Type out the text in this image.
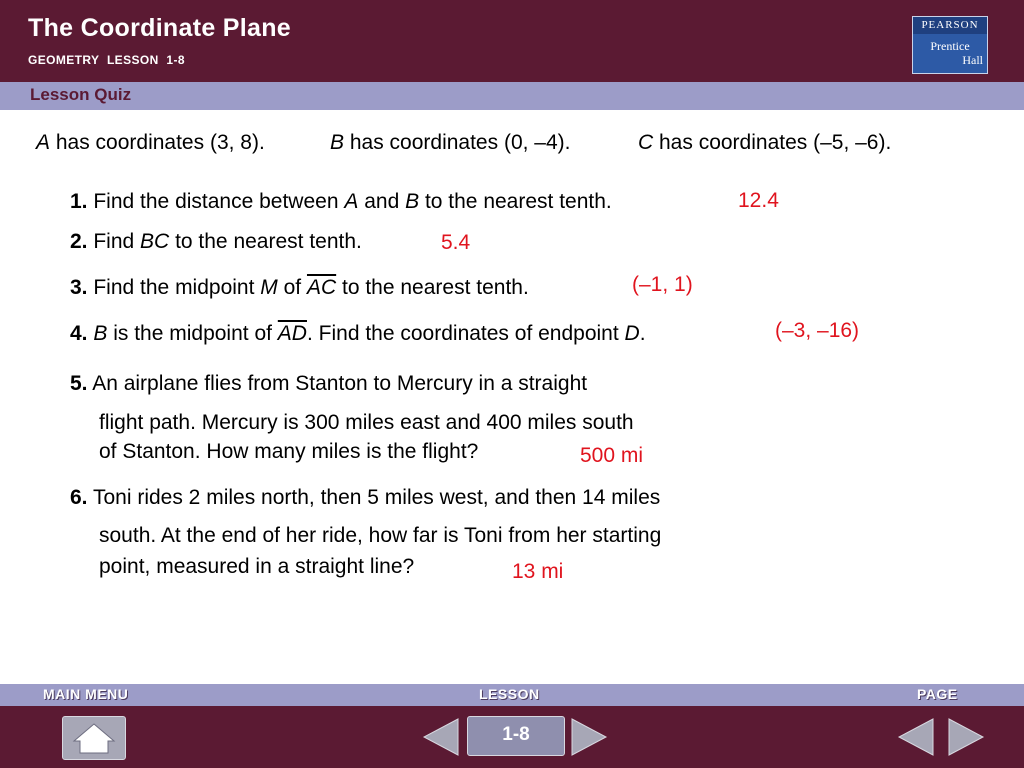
The Coordinate Plane
GEOMETRY LESSON 1-8
PEARSON
Prentice
Hall
Lesson Quiz
A has coordinates (3, 8).	B has coordinates (0, –4).	C has coordinates (–5, –6).
1. Find the distance between A and B to the nearest tenth.	12.4
2. Find BC to the nearest tenth.	5.4
3. Find the midpoint M of $\overline{AC}$ to the nearest tenth.	(–1, 1)
4. B is the midpoint of $\overline{AD}$. Find the coordinates of endpoint D.	(–3, –16)
5. An airplane flies from Stanton to Mercury in a straight
flight path. Mercury is 300 miles east and 400 miles south
of Stanton. How many miles is the flight?	500 mi
6. Toni rides 2 miles north, then 5 miles west, and then 14 miles
south. At the end of her ride, how far is Toni from her starting
point, measured in a straight line?	13 mi
MAIN MENU	LESSON	PAGE
1-8
